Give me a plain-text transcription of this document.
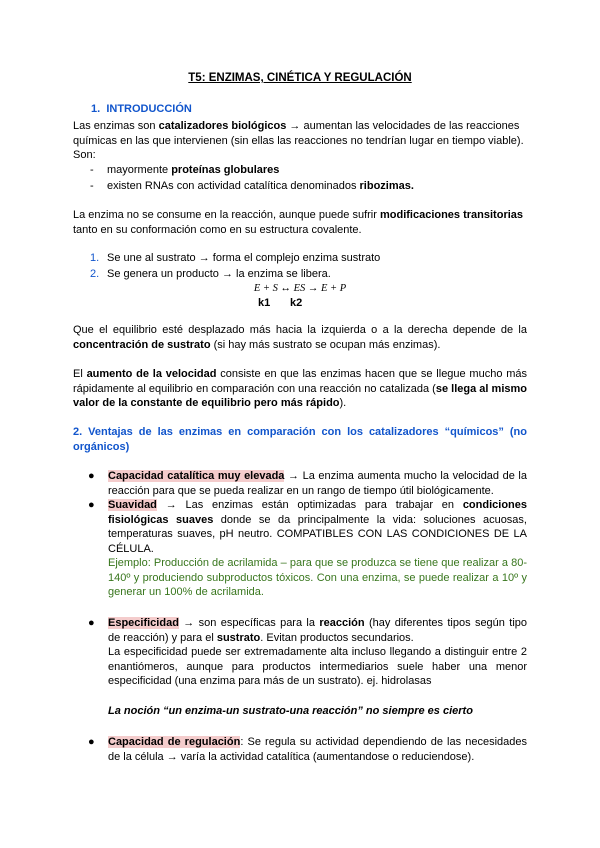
T5: ENZIMAS, CINÉTICA Y REGULACIÓN
1. INTRODUCCIÓN
Las enzimas son catalizadores biológicos → aumentan las velocidades de las reacciones químicas en las que intervienen (sin ellas las reacciones no tendrían lugar en tiempo viable). Son:
- mayormente proteínas globulares
- existen RNAs con actividad catalítica denominados ribozimas.
La enzima no se consume en la reacción, aunque puede sufrir modificaciones transitorias tanto en su conformación como en su estructura covalente.
1. Se une al sustrato → forma el complejo enzima sustrato
2. Se genera un producto → la enzima se libera.
E + S ↔ ES → E + P
k1 k2
Que el equilibrio esté desplazado más hacia la izquierda o a la derecha depende de la concentración de sustrato (si hay más sustrato se ocupan más enzimas).
El aumento de la velocidad consiste en que las enzimas hacen que se llegue mucho más rápidamente al equilibrio en comparación con una reacción no catalizada (se llega al mismo valor de la constante de equilibrio pero más rápido).
2. Ventajas de las enzimas en comparación con los catalizadores “químicos” (no orgánicos)
●	Capacidad catalítica muy elevada → La enzima aumenta mucho la velocidad de la reacción para que se pueda realizar en un rango de tiempo útil biológicamente.
●	Suavidad → Las enzimas están optimizadas para trabajar en condiciones fisiológicas suaves donde se da principalmente la vida: soluciones acuosas, temperaturas suaves, pH neutro. COMPATIBLES CON LAS CONDICIONES DE LA CÉLULA.
Ejemplo: Producción de acrilamida – para que se produzca se tiene que realizar a 80-140º y produciendo subproductos tóxicos. Con una enzima, se puede realizar a 10º y generar un 100% de acrilamida.
●	Especificidad → son específicas para la reacción (hay diferentes tipos según tipo de reacción) y para el sustrato. Evitan productos secundarios.
La especificidad puede ser extremadamente alta incluso llegando a distinguir entre 2 enantiómeros, aunque para productos intermediarios suele haber una menor especificidad (una enzima para más de un sustrato). ej. hidrolasas
La noción “un enzima-un sustrato-una reacción” no siempre es cierto
●	Capacidad de regulación: Se regula su actividad dependiendo de las necesidades de la célula → varía la actividad catalítica (aumentandose o reduciendose).
